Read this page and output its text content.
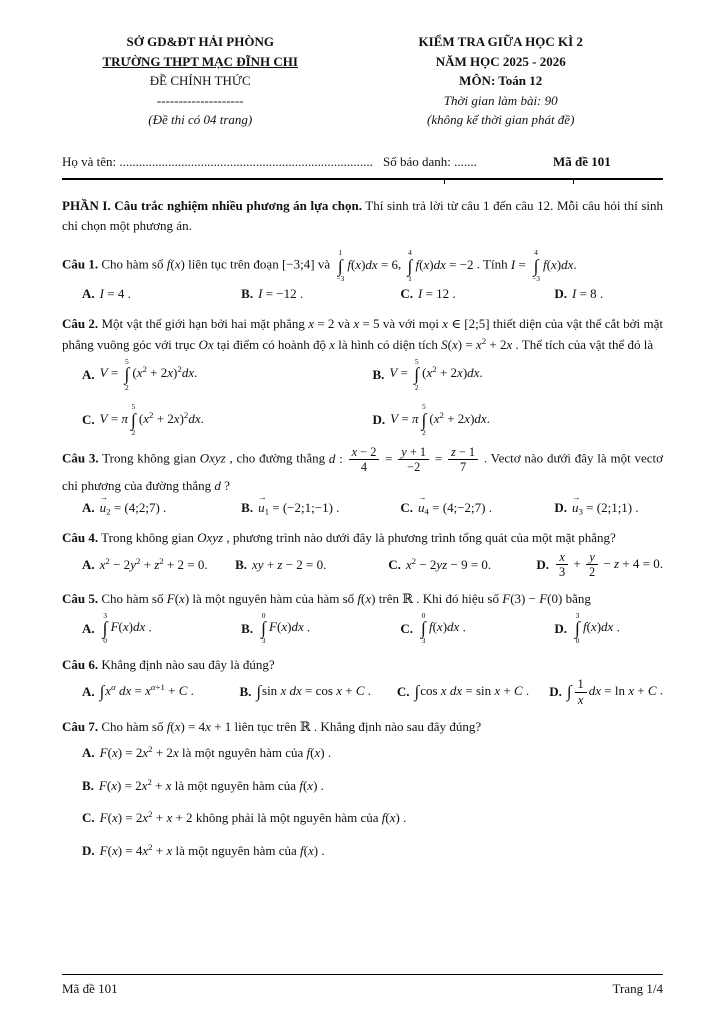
SỞ GD&ĐT HẢI PHÒNG
TRƯỜNG THPT MẠC ĐĨNH CHI
ĐỀ CHÍNH THỨC
--------------------
(Đề thi có 04 trang)
KIỂM TRA GIỮA HỌC KÌ 2
NĂM HỌC 2025 - 2026
MÔN: Toán 12
Thời gian làm bài: 90
(không kể thời gian phát đề)
Họ và tên: .............................................................................. Số báo danh: .......	Mã đề 101

PHẦN I. Câu trắc nghiệm nhiều phương án lựa chọn. Thí sinh trả lời từ câu 1 đến câu 12. Mỗi câu hỏi thí sinh chỉ chọn một phương án.

Câu 1. Cho hàm số f(x) liên tục trên đoạn [−3;4] và
1
∫
−3
f(x)dx = 6,
4
∫
1
f(x)dx = −2 . Tính I =
4
∫
−3
f(x)dx.
A. I = 4 .	B. I = −12 .	C. I = 12 .	D. I = 8 .
Câu 2. Một vật thể giới hạn bởi hai mặt phẳng x = 2 và x = 5 và với mọi x ∈ [2;5] thiết diện của vật thể cắt bởi mặt phẳng vuông góc với trục Ox tại điểm có hoành độ x là hình có diện tích $S(x) = x^2 + 2x$ . Thể tích của vật thể đó là
A. V =
5
∫
2
$(x^2 + 2x)^2dx$.	B. V =
5
∫
2
$(x^2 + 2x)dx$.
C. V = π
5
∫
2
$(x^2 + 2x)^2dx$.	D. V = π
5
∫
2
$(x^2 + 2x)dx$.
Câu 3. Trong không gian Oxyz , cho đường thẳng d : $\frac{x - 2}{4} = \frac{y + 1}{-2} = \frac{z - 1}{7}$ . Vectơ nào dưới đây là một vectơ chỉ phương của đường thẳng d ?
A.
→
$u_2$ = (4;2;7) .	B.
→
$u_1$ = (−2;1;−1) .	C.
→
$u_4$ = (4;−2;7) .	D.
→
$u_3$ = (2;1;1) .
Câu 4. Trong không gian Oxyz , phương trình nào dưới đây là phương trình tổng quát của một mặt phẳng?
A. $x^2 - 2y^2 + z^2 + 2 = 0$. B. xy + z − 2 = 0.	C. $x^2 - 2yz - 9 = 0$.	D. $\frac{x}{3} + \frac{y}{2} - z + 4 = 0$.
Câu 5. Cho hàm số F(x) là một nguyên hàm của hàm số f(x) trên ℝ . Khi đó hiệu số F(3) − F(0) bằng
A.
3
∫
0
F(x)dx .	B.
0
∫
3
F(x)dx .	C.
0
∫
3
f(x)dx .	D.
3
∫
0
f(x)dx .
Câu 6. Khẳng định nào sau đây là đúng?
A. $\int x^\alpha$ dx = $x^{\alpha+1} + C$ .	B. ∫sin x dx = cos x + C . C. ∫cos x dx = sin x + C . D. ∫ $\frac{1}{x}$ dx = ln x + C .
Câu 7. Cho hàm số f(x) = 4x + 1 liên tục trên ℝ . Khẳng định nào sau đây đúng?
A. $F(x) = 2x^2 + 2x$ là một nguyên hàm của f(x) .
B. $F(x) = 2x^2 + x$ là một nguyên hàm của f(x) .
C. $F(x) = 2x^2 + x + 2$ không phải là một nguyên hàm của f(x) .
D. $F(x) = 4x^2 + x$ là một nguyên hàm của f(x) .
Mã đề 101	Trang 1/4
